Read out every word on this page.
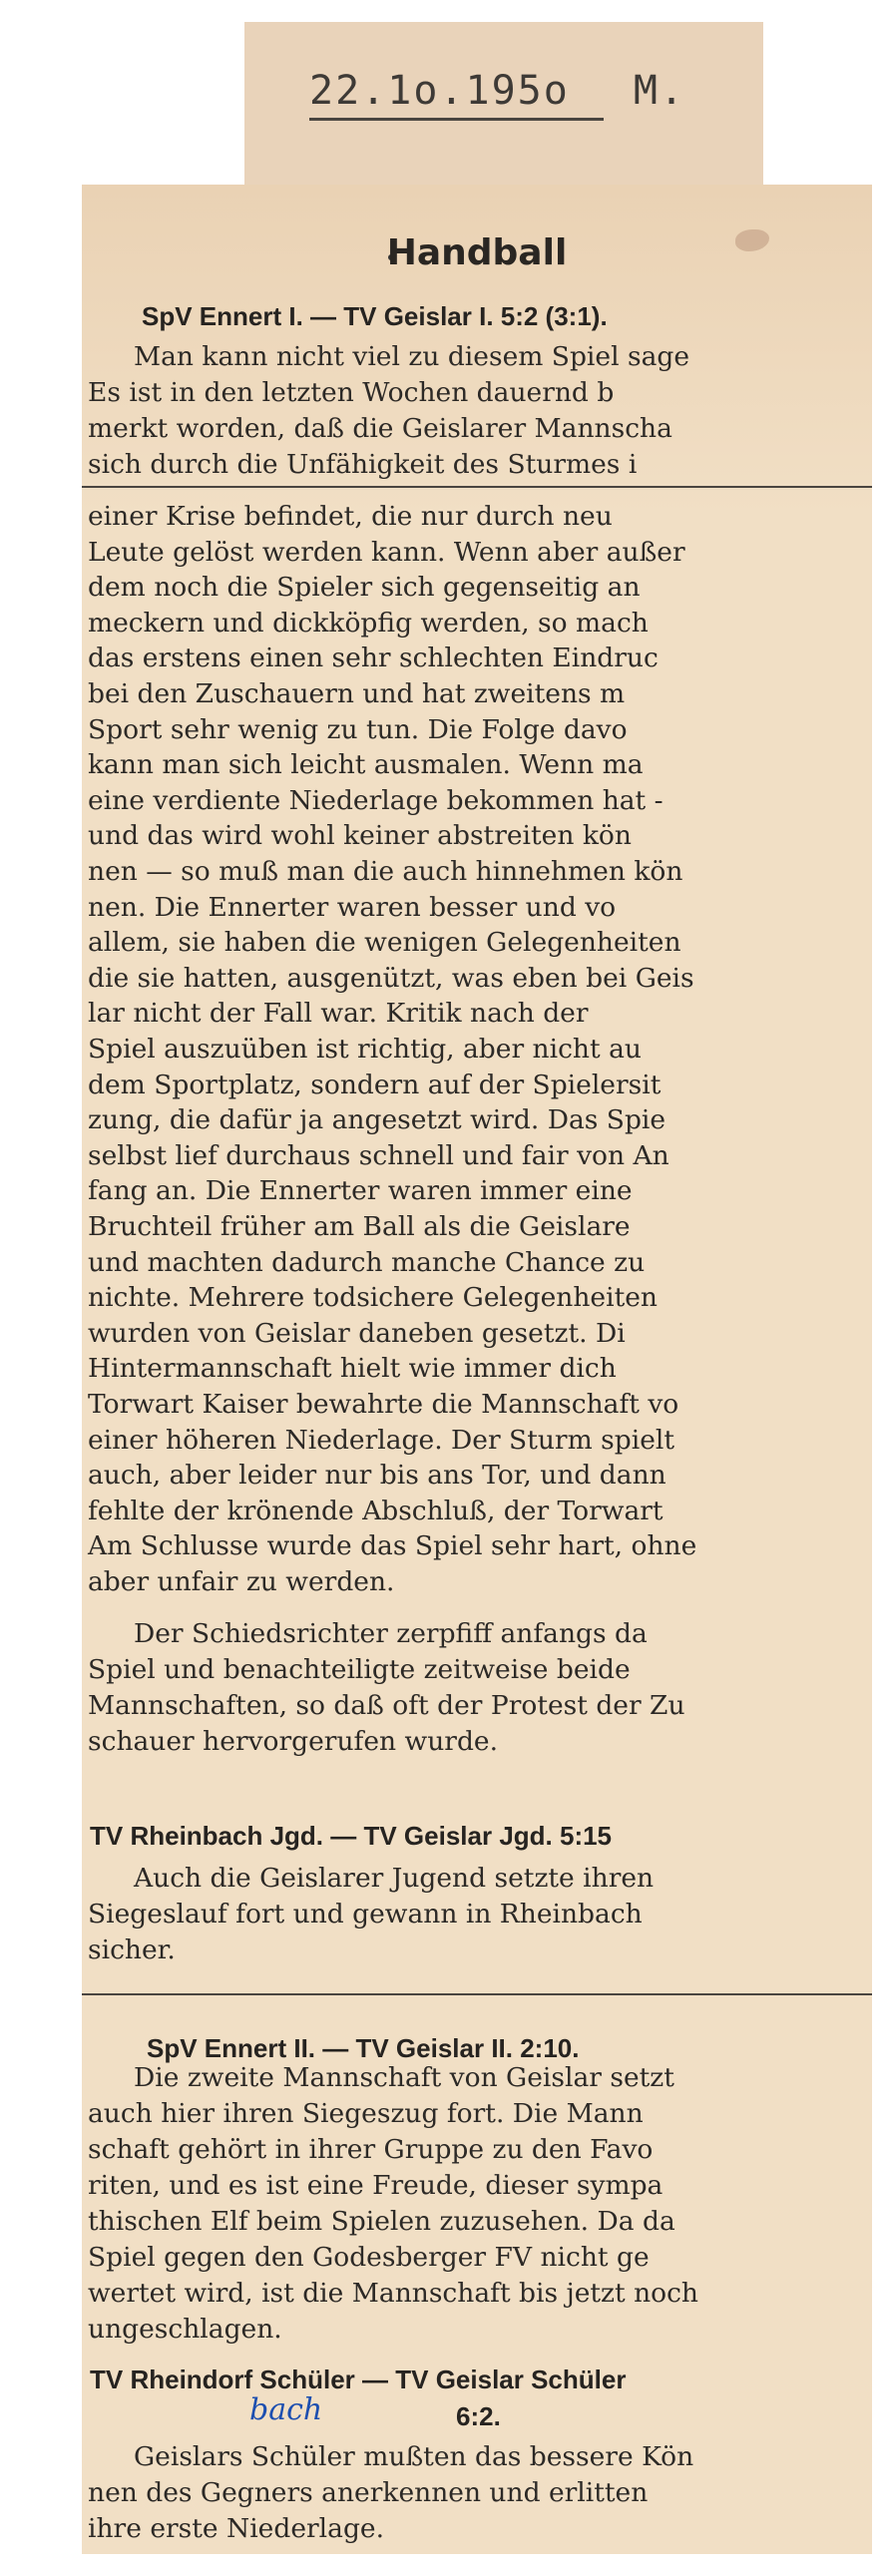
22.1o.195o M.
Handball
SpV Ennert I. — TV Geislar I. 5:2 (3:1).
Man kann nicht viel zu diesem Spiel sage
Es ist in den letzten Wochen dauernd b
merkt worden, daß die Geislarer Mannscha
sich durch die Unfähigkeit des Sturmes i
einer Krise befindet, die nur durch neu
Leute gelöst werden kann. Wenn aber außer
dem noch die Spieler sich gegenseitig an
meckern und dickköpfig werden, so mach
das erstens einen sehr schlechten Eindruc
bei den Zuschauern und hat zweitens m
Sport sehr wenig zu tun. Die Folge davo
kann man sich leicht ausmalen. Wenn ma
eine verdiente Niederlage bekommen hat -
und das wird wohl keiner abstreiten kön
nen — so muß man die auch hinnehmen kön
nen. Die Ennerter waren besser und vo
allem, sie haben die wenigen Gelegenheiten
die sie hatten, ausgenützt, was eben bei Geis
lar nicht der Fall war. Kritik nach der
Spiel auszuüben ist richtig, aber nicht au
dem Sportplatz, sondern auf der Spielersit
zung, die dafür ja angesetzt wird. Das Spie
selbst lief durchaus schnell und fair von An
fang an. Die Ennerter waren immer eine
Bruchteil früher am Ball als die Geislare
und machten dadurch manche Chance zu
nichte. Mehrere todsichere Gelegenheiten
wurden von Geislar daneben gesetzt. Di
Hintermannschaft hielt wie immer dich
Torwart Kaiser bewahrte die Mannschaft vo
einer höheren Niederlage. Der Sturm spielt
auch, aber leider nur bis ans Tor, und dann
fehlte der krönende Abschluß, der Torwart
Am Schlusse wurde das Spiel sehr hart, ohne
aber unfair zu werden.
Der Schiedsrichter zerpfiff anfangs da
Spiel und benachteiligte zeitweise beide
Mannschaften, so daß oft der Protest der Zu
schauer hervorgerufen wurde.
TV Rheinbach Jgd. — TV Geislar Jgd. 5:15
Auch die Geislarer Jugend setzte ihren
Siegeslauf fort und gewann in Rheinbach
sicher.
SpV Ennert II. — TV Geislar II. 2:10.
Die zweite Mannschaft von Geislar setzt
auch hier ihren Siegeszug fort. Die Mann
schaft gehört in ihrer Gruppe zu den Favo
riten, und es ist eine Freude, dieser sympa
thischen Elf beim Spielen zuzusehen. Da da
Spiel gegen den Godesberger FV nicht ge
wertet wird, ist die Mannschaft bis jetzt noch
ungeschlagen.
TV Rheindorf Schüler — TV Geislar Schüler
bach	6:2.
Geislars Schüler mußten das bessere Kön
nen des Gegners anerkennen und erlitten
ihre erste Niederlage.
